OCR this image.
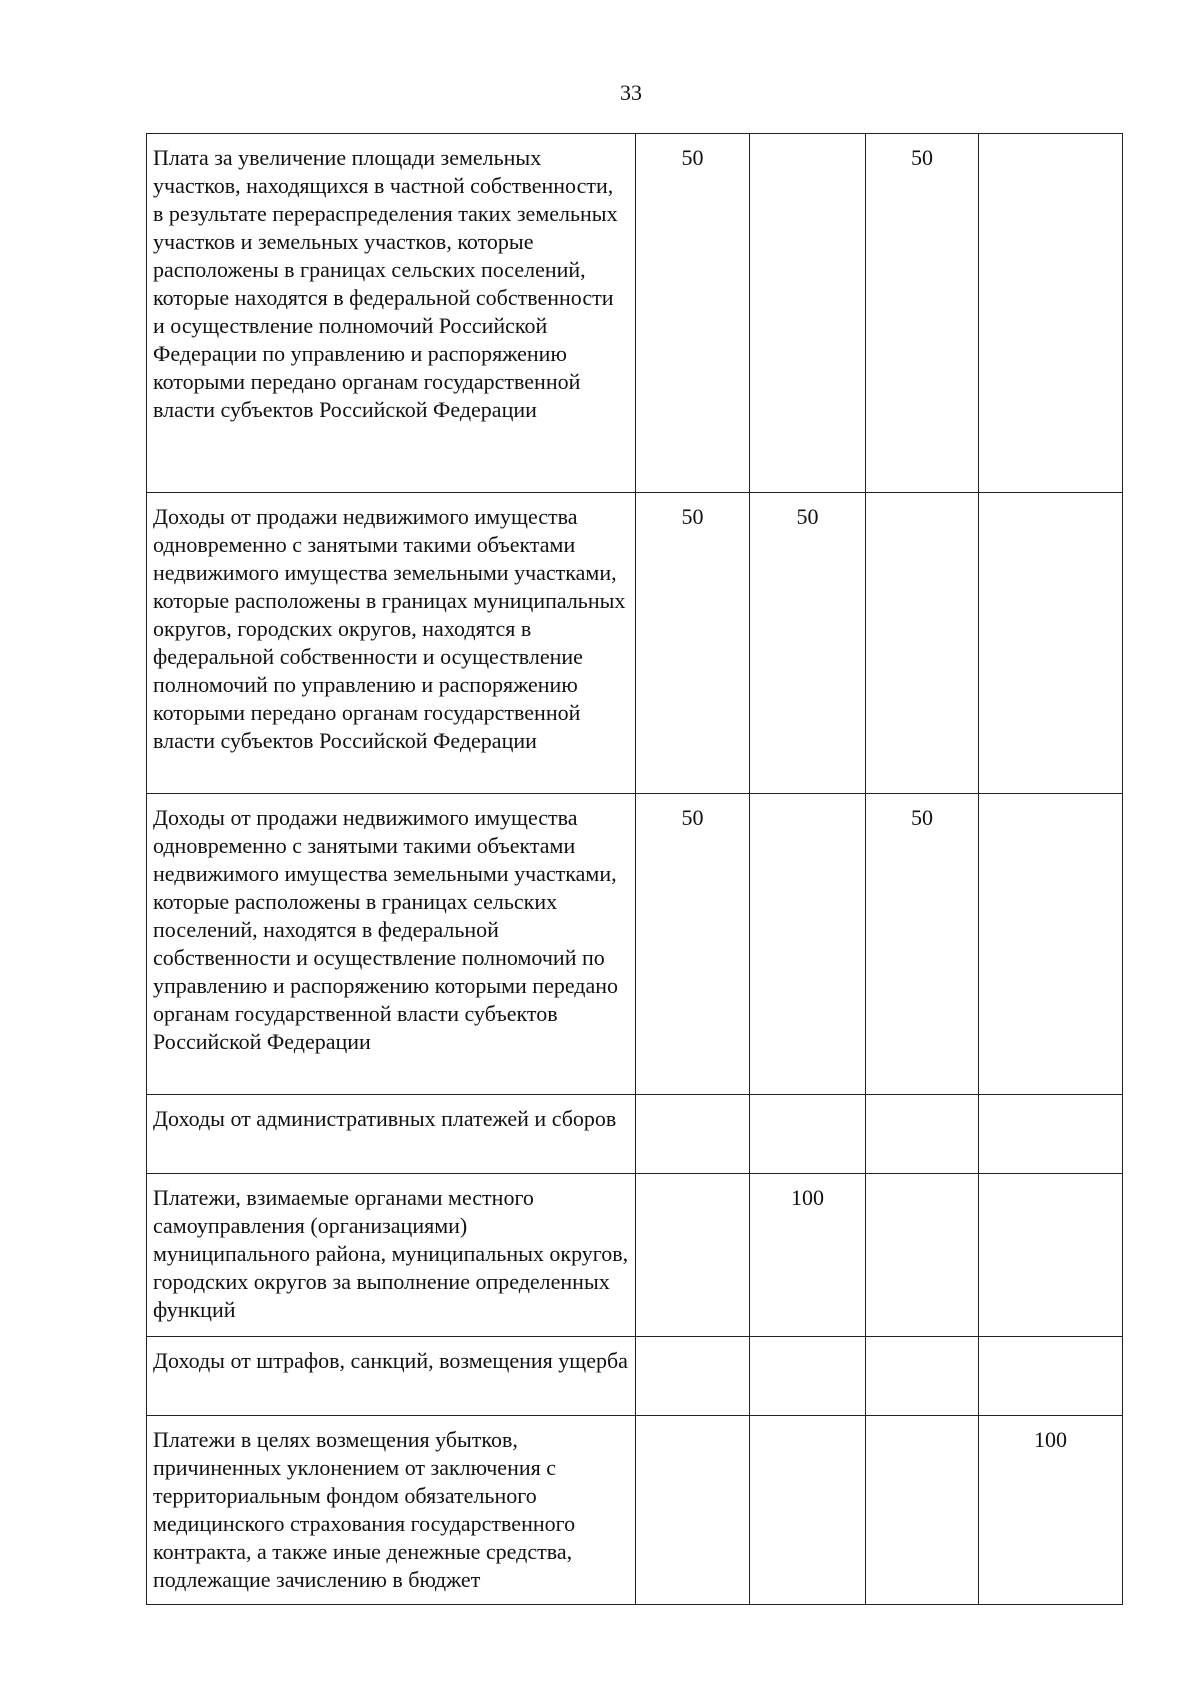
33
Плата за увеличение площади земельных участков, находящихся в частной собственности, в результате перераспределения таких земельных участков и земельных участков, которые расположены в границах сельских поселений, которые находятся в федеральной собственности и осуществление полномочий Российской Федерации по управлению и распоряжению которыми передано органам государственной власти субъектов Российской Федерации	50		50	
Доходы от продажи недвижимого имущества одновременно с занятыми такими объектами недвижимого имущества земельными участками, которые расположены в границах муниципальных округов, городских округов, находятся в федеральной собственности и осуществление полномочий по управлению и распоряжению которыми передано органам государственной власти субъектов Российской Федерации	50	50		
Доходы от продажи недвижимого имущества одновременно с занятыми такими объектами недвижимого имущества земельными участками, которые расположены в границах сельских поселений, находятся в федеральной собственности и осуществление полномочий по управлению и распоряжению которыми передано органам государственной власти субъектов Российской Федерации	50		50	
Доходы от административных платежей и сборов				
Платежи, взимаемые органами местного самоуправления (организациями) муниципального района, муниципальных округов, городских округов за выполнение определенных функций		100		
Доходы от штрафов, санкций, возмещения ущерба				
Платежи в целях возмещения убытков, причиненных уклонением от заключения с территориальным фондом обязательного медицинского страхования государственного контракта, а также иные денежные средства, подлежащие зачислению в бюджет				100
